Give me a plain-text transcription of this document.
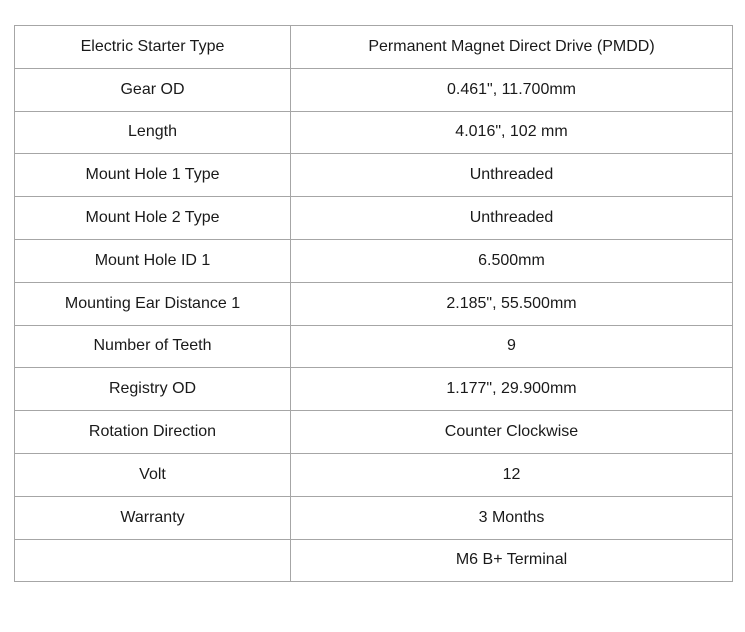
Electric Starter Type	Permanent Magnet Direct Drive (PMDD)
Gear OD	0.461", 11.700mm
Length	4.016", 102 mm
Mount Hole 1 Type	Unthreaded
Mount Hole 2 Type	Unthreaded
Mount Hole ID 1	6.500mm
Mounting Ear Distance 1	2.185", 55.500mm
Number of Teeth	9
Registry OD	1.177", 29.900mm
Rotation Direction	Counter Clockwise
Volt	12
Warranty	3 Months
	M6 B+ Terminal
